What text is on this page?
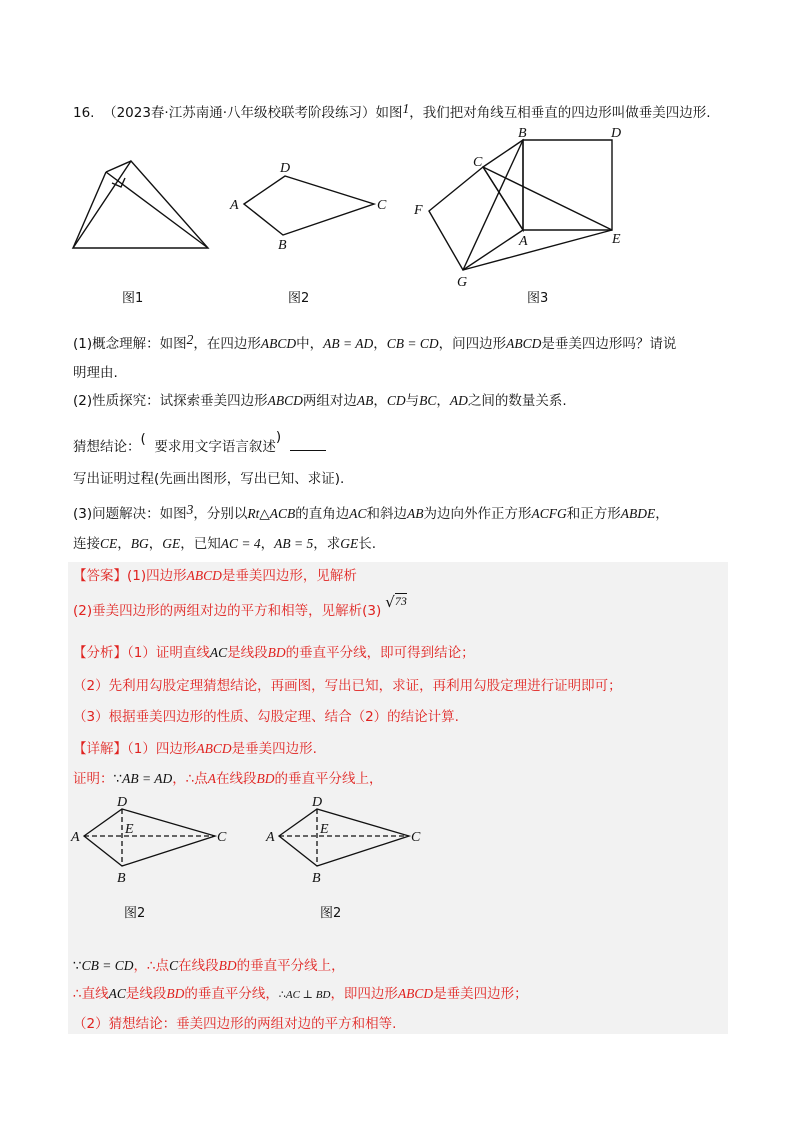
16. （2023春·江苏南通·八年级校联考阶段练习）如图1，我们把对角线互相垂直的四边形叫做垂美四边形.
图1
D
A	C
B
图2
B	D
C
F
A	E
G
图3
(1)概念理解：如图2，在四边形ABCD中，AB = AD，CB = CD，问四边形ABCD是垂美四边形吗？请说
明理由.
(2)性质探究：试探索垂美四边形ABCD两组对边AB，CD与BC，AD之间的数量关系.
猜想结论：( 要求用文字语言叙述)
写出证明过程(先画出图形，写出已知、求证).
(3)问题解决：如图3，分别以Rt△ACB的直角边AC和斜边AB为边向外作正方形ACFG和正方形ABDE，
连接CE，BG，GE，已知AC = 4，AB = 5，求GE长.
【答案】(1)四边形ABCD是垂美四边形，见解析
(2)垂美四边形的两组对边的平方和相等，见解析(3) √73
【分析】（1）证明直线AC是线段BD的垂直平分线，即可得到结论；
（2）先利用勾股定理猜想结论，再画图，写出已知，求证，再利用勾股定理进行证明即可；
（3）根据垂美四边形的性质、勾股定理、结合（2）的结论计算.
【详解】（1）四边形ABCD是垂美四边形.
证明：∵AB = AD，∴点A在线段BD的垂直平分线上，
D
A
E
C
B
图2
D
A
E
C
B
图2
∵CB = CD，∴点C在线段BD的垂直平分线上，
∴直线AC是线段BD的垂直平分线，∴AC ⊥ BD，即四边形ABCD是垂美四边形；
（2）猜想结论：垂美四边形的两组对边的平方和相等.
